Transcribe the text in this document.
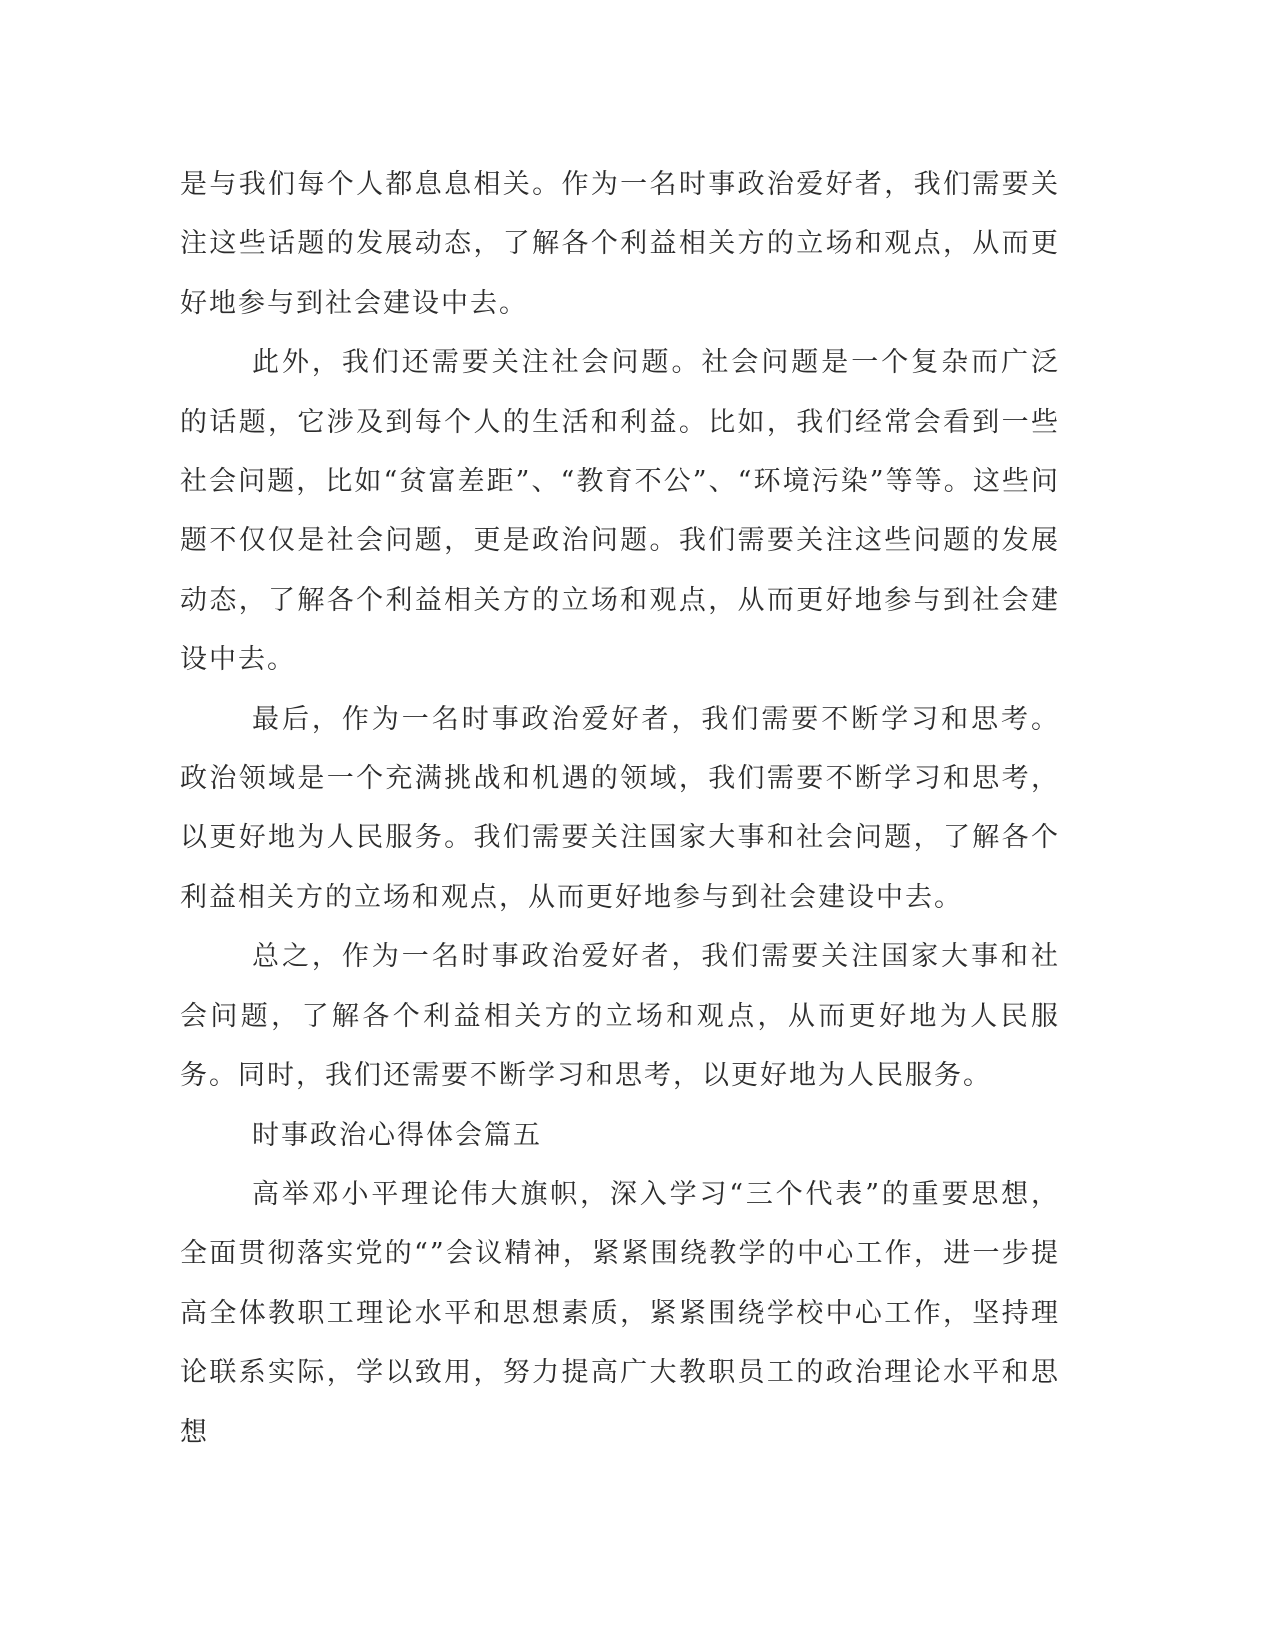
是与我们每个人都息息相关。作为一名时事政治爱好者，我们需要关注这些话题的发展动态，了解各个利益相关方的立场和观点，从而更好地参与到社会建设中去。

此外，我们还需要关注社会问题。社会问题是一个复杂而广泛的话题，它涉及到每个人的生活和利益。比如，我们经常会看到一些社会问题，比如“贫富差距”、“教育不公”、“环境污染”等等。这些问题不仅仅是社会问题，更是政治问题。我们需要关注这些问题的发展动态，了解各个利益相关方的立场和观点，从而更好地参与到社会建设中去。

最后，作为一名时事政治爱好者，我们需要不断学习和思考。政治领域是一个充满挑战和机遇的领域，我们需要不断学习和思考，以更好地为人民服务。我们需要关注国家大事和社会问题，了解各个利益相关方的立场和观点，从而更好地参与到社会建设中去。

总之，作为一名时事政治爱好者，我们需要关注国家大事和社会问题，了解各个利益相关方的立场和观点，从而更好地为人民服务。同时，我们还需要不断学习和思考，以更好地为人民服务。

时事政治心得体会篇五

高举邓小平理论伟大旗帜，深入学习“三个代表”的重要思想，全面贯彻落实党的“”会议精神，紧紧围绕教学的中心工作，进一步提高全体教职工理论水平和思想素质，紧紧围绕学校中心工作，坚持理论联系实际，学以致用，努力提高广大教职员工的政治理论水平和思想
